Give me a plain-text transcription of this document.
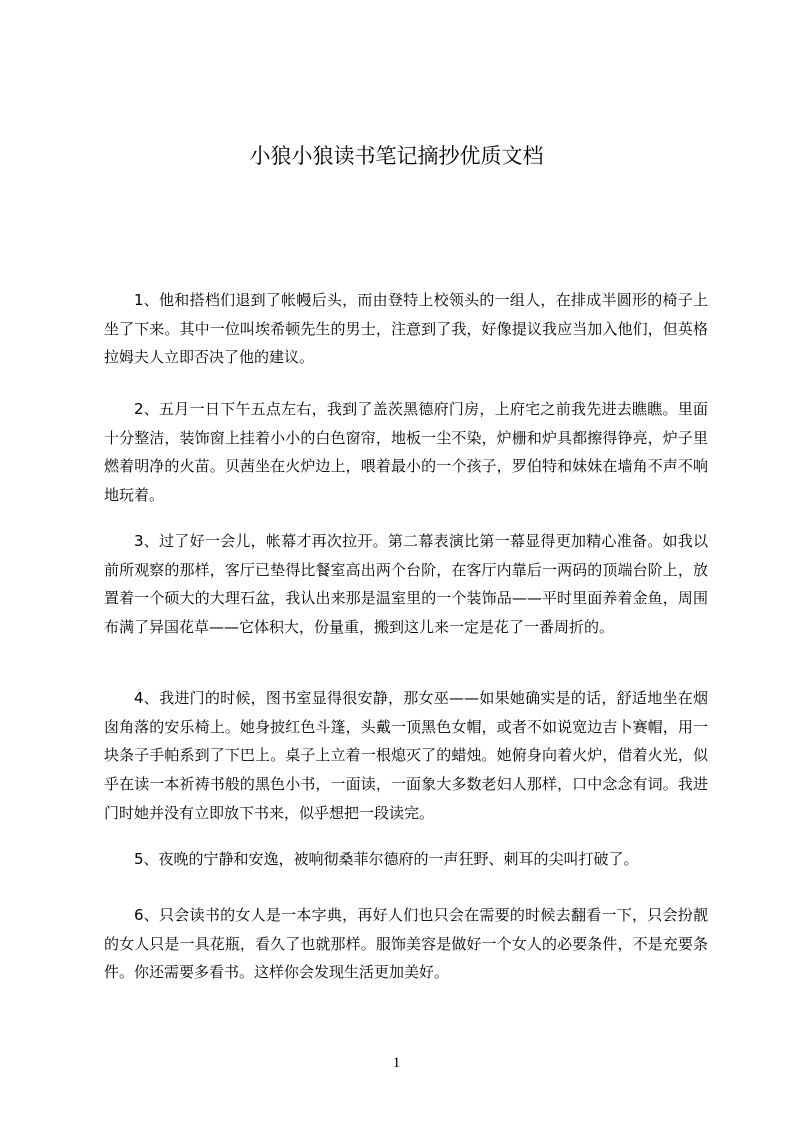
小狼小狼读书笔记摘抄优质文档

1、他和搭档们退到了帐幔后头，而由登特上校领头的一组人，在排成半圆形的椅子上坐了下来。其中一位叫埃希顿先生的男士，注意到了我，好像提议我应当加入他们，但英格拉姆夫人立即否决了他的建议。

2、五月一日下午五点左右，我到了盖茨黑德府门房，上府宅之前我先进去瞧瞧。里面十分整洁，装饰窗上挂着小小的白色窗帘，地板一尘不染，炉栅和炉具都擦得铮亮，炉子里燃着明净的火苗。贝茜坐在火炉边上，喂着最小的一个孩子，罗伯特和妹妹在墙角不声不响地玩着。

3、过了好一会儿，帐幕才再次拉开。第二幕表演比第一幕显得更加精心准备。如我以前所观察的那样，客厅已垫得比餐室高出两个台阶，在客厅内靠后一两码的顶端台阶上，放置着一个硕大的大理石盆，我认出来那是温室里的一个装饰品——平时里面养着金鱼，周围布满了异国花草——它体积大，份量重，搬到这儿来一定是花了一番周折的。

4、我进门的时候，图书室显得很安静，那女巫——如果她确实是的话，舒适地坐在烟囱角落的安乐椅上。她身披红色斗篷，头戴一顶黑色女帽，或者不如说宽边吉卜赛帽，用一块条子手帕系到了下巴上。桌子上立着一根熄灭了的蜡烛。她俯身向着火炉，借着火光，似乎在读一本祈祷书般的黑色小书，一面读，一面象大多数老妇人那样，口中念念有词。我进门时她并没有立即放下书来，似乎想把一段读完。

5、夜晚的宁静和安逸，被响彻桑菲尔德府的一声狂野、刺耳的尖叫打破了。

6、只会读书的女人是一本字典，再好人们也只会在需要的时候去翻看一下，只会扮靓的女人只是一具花瓶，看久了也就那样。服饰美容是做好一个女人的必要条件，不是充要条件。你还需要多看书。这样你会发现生活更加美好。

1
